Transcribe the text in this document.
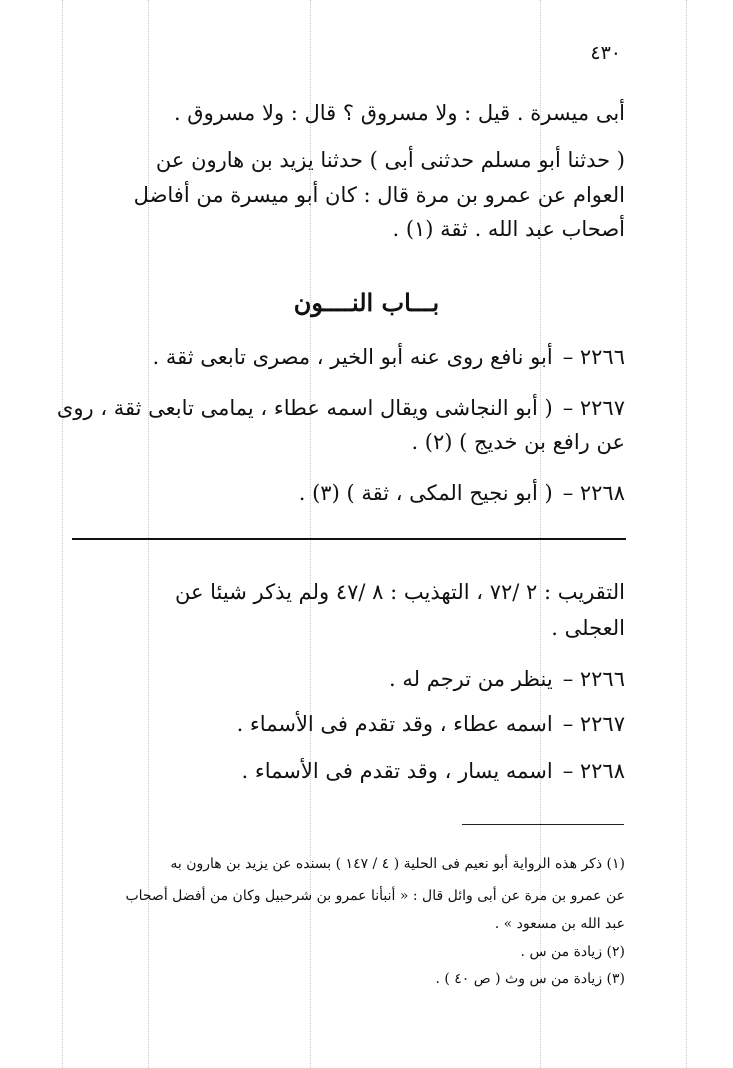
٤٣٠
أبى ميسرة . قيل : ولا مسروق ؟ قال : ولا مسروق .
( حدثنا أبو مسلم حدثنى أبى ) حدثنا يزيد بن هارون عن
العوام عن عمرو بن مرة قال : كان أبو ميسرة من أفاضل
أصحاب عبد الله . ثقة (١) .
بـــاب النــــون
٢٢٦٦ –أبو نافع روى عنه أبو الخير ، مصرى تابعى ثقة .
٢٢٦٧ –( أبو النجاشى ويقال اسمه عطاء ، يمامى تابعى ثقة ، روى
عن رافع بن خديج ) (٢) .
٢٢٦٨ –( أبو نجيح المكى ، ثقة ) (٣) .
التقريب : ٢ /٧٢ ، التهذيب : ٨ /٤٧ ولم يذكر شيئا عن
العجلى .
٢٢٦٦ –ينظر من ترجم له .
٢٢٦٧ –اسمه عطاء ، وقد تقدم فى الأسماء .
٢٢٦٨ –اسمه يسار ، وقد تقدم فى الأسماء .
(١) ذكر هذه الرواية أبو نعيم فى الحلية ( ٤ / ١٤٧ ) بسنده عن يزيد بن هارون به
عن عمرو بن مرة عن أبى وائل قال : « أنبأنا عمرو بن شرحبيل وكان من أفضل أصحاب
عبد الله بن مسعود » .
(٢) زيادة من س .
(٣) زيادة من س وث ( ص ٤٠ ) .
